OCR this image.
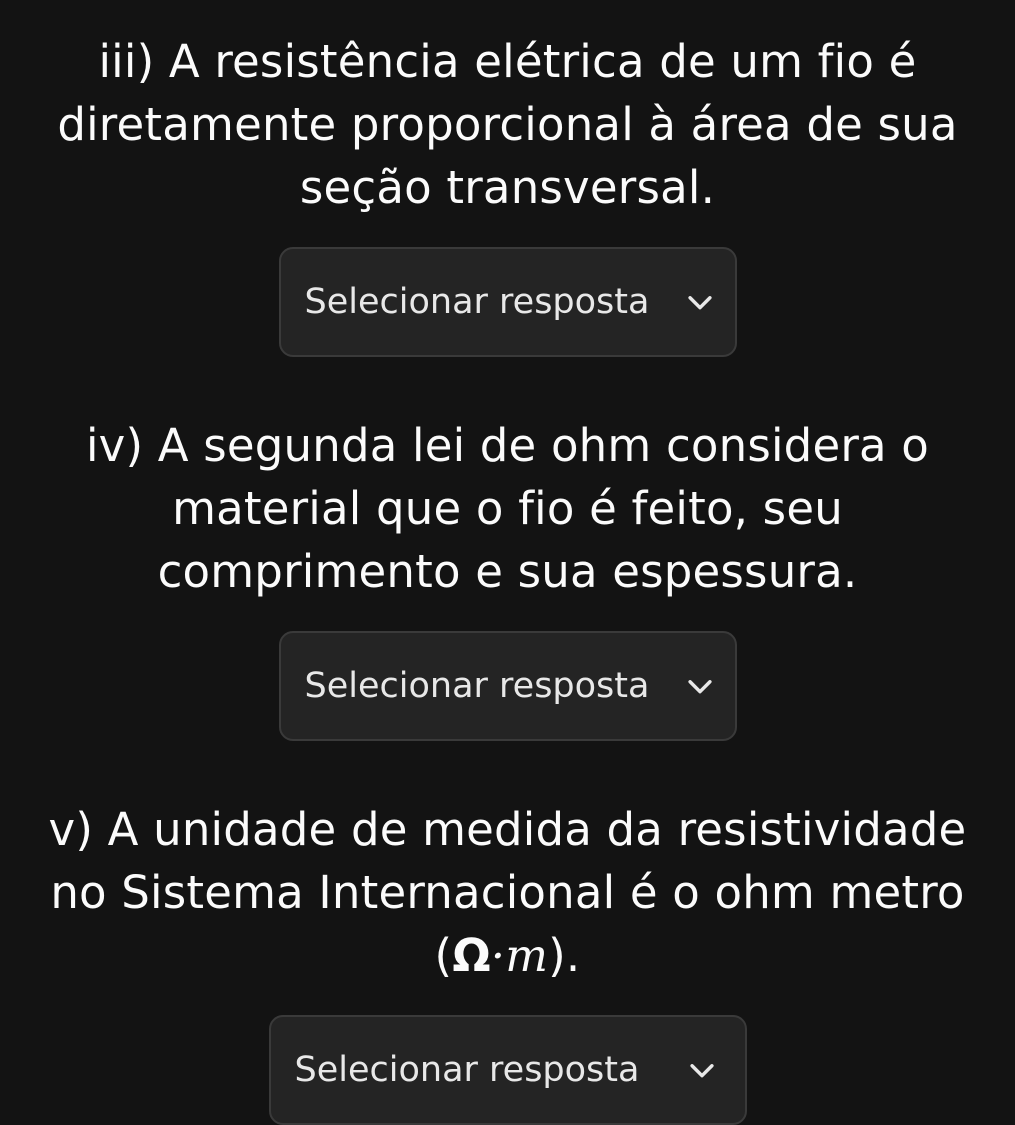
iii) A resistência elétrica de um fio é diretamente proporcional à área de sua seção transversal.
Selecionar resposta
iv) A segunda lei de ohm considera o material que o fio é feito, seu comprimento e sua espessura.
Selecionar resposta
v) A unidade de medida da resistividade no Sistema Internacional é o ohm metro (Ω·m).
Selecionar resposta
